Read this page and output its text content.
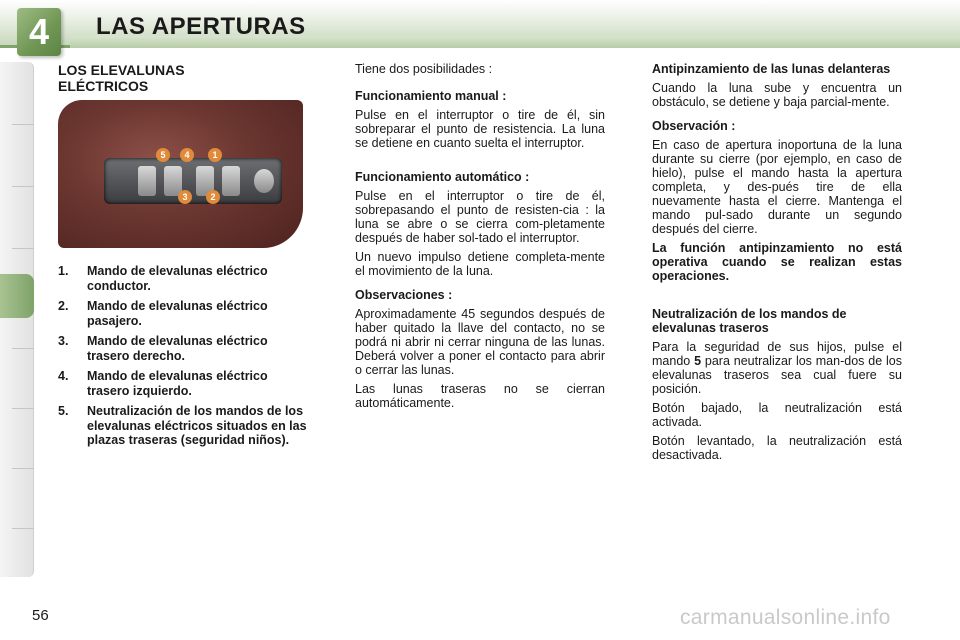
4	LAS APERTURAS
LOS ELEVALUNAS
ELÉCTRICOS
5	4	1
3	2
1. Mando de elevalunas eléctrico conductor.
2. Mando de elevalunas eléctrico pasajero.
3. Mando de elevalunas eléctrico trasero derecho.
4. Mando de elevalunas eléctrico trasero izquierdo.
5. Neutralización de los mandos de los elevalunas eléctricos situados en las plazas traseras (seguridad niños).

Tiene dos posibilidades :

Funcionamiento manual :

Pulse en el interruptor o tire de él, sin sobreparar el punto de resistencia. La luna se detiene en cuanto suelta el interruptor.

Funcionamiento automático :

Pulse en el interruptor o tire de él, sobrepasando el punto de resisten-cia : la luna se abre o se cierra com-pletamente después de haber sol-tado el interruptor.

Un nuevo impulso detiene completa-mente el movimiento de la luna.

Observaciones :

Aproximadamente 45 segundos después de haber quitado la llave del contacto, no se podrá ni abrir ni cerrar ninguna de las lunas. Deberá volver a poner el contacto para abrir o cerrar las lunas.

Las lunas traseras no se cierran automáticamente.

Antipinzamiento de las lunas delanteras

Cuando la luna sube y encuentra un obstáculo, se detiene y baja parcial-mente.

Observación :

En caso de apertura inoportuna de la luna durante su cierre (por ejemplo, en caso de hielo), pulse el mando hasta la apertura completa, y des-pués tire de ella nuevamente hasta el cierre. Mantenga el mando pul-sado durante un segundo después del cierre.

La función antipinzamiento no está operativa cuando se realizan estas operaciones.

Neutralización de los mandos de elevalunas traseros

Para la seguridad de sus hijos, pulse el mando 5 para neutralizar los man-dos de los elevalunas traseros sea cual fuere su posición.

Botón bajado, la neutralización está activada.

Botón levantado, la neutralización está desactivada.

56	carmanualsonline.info
